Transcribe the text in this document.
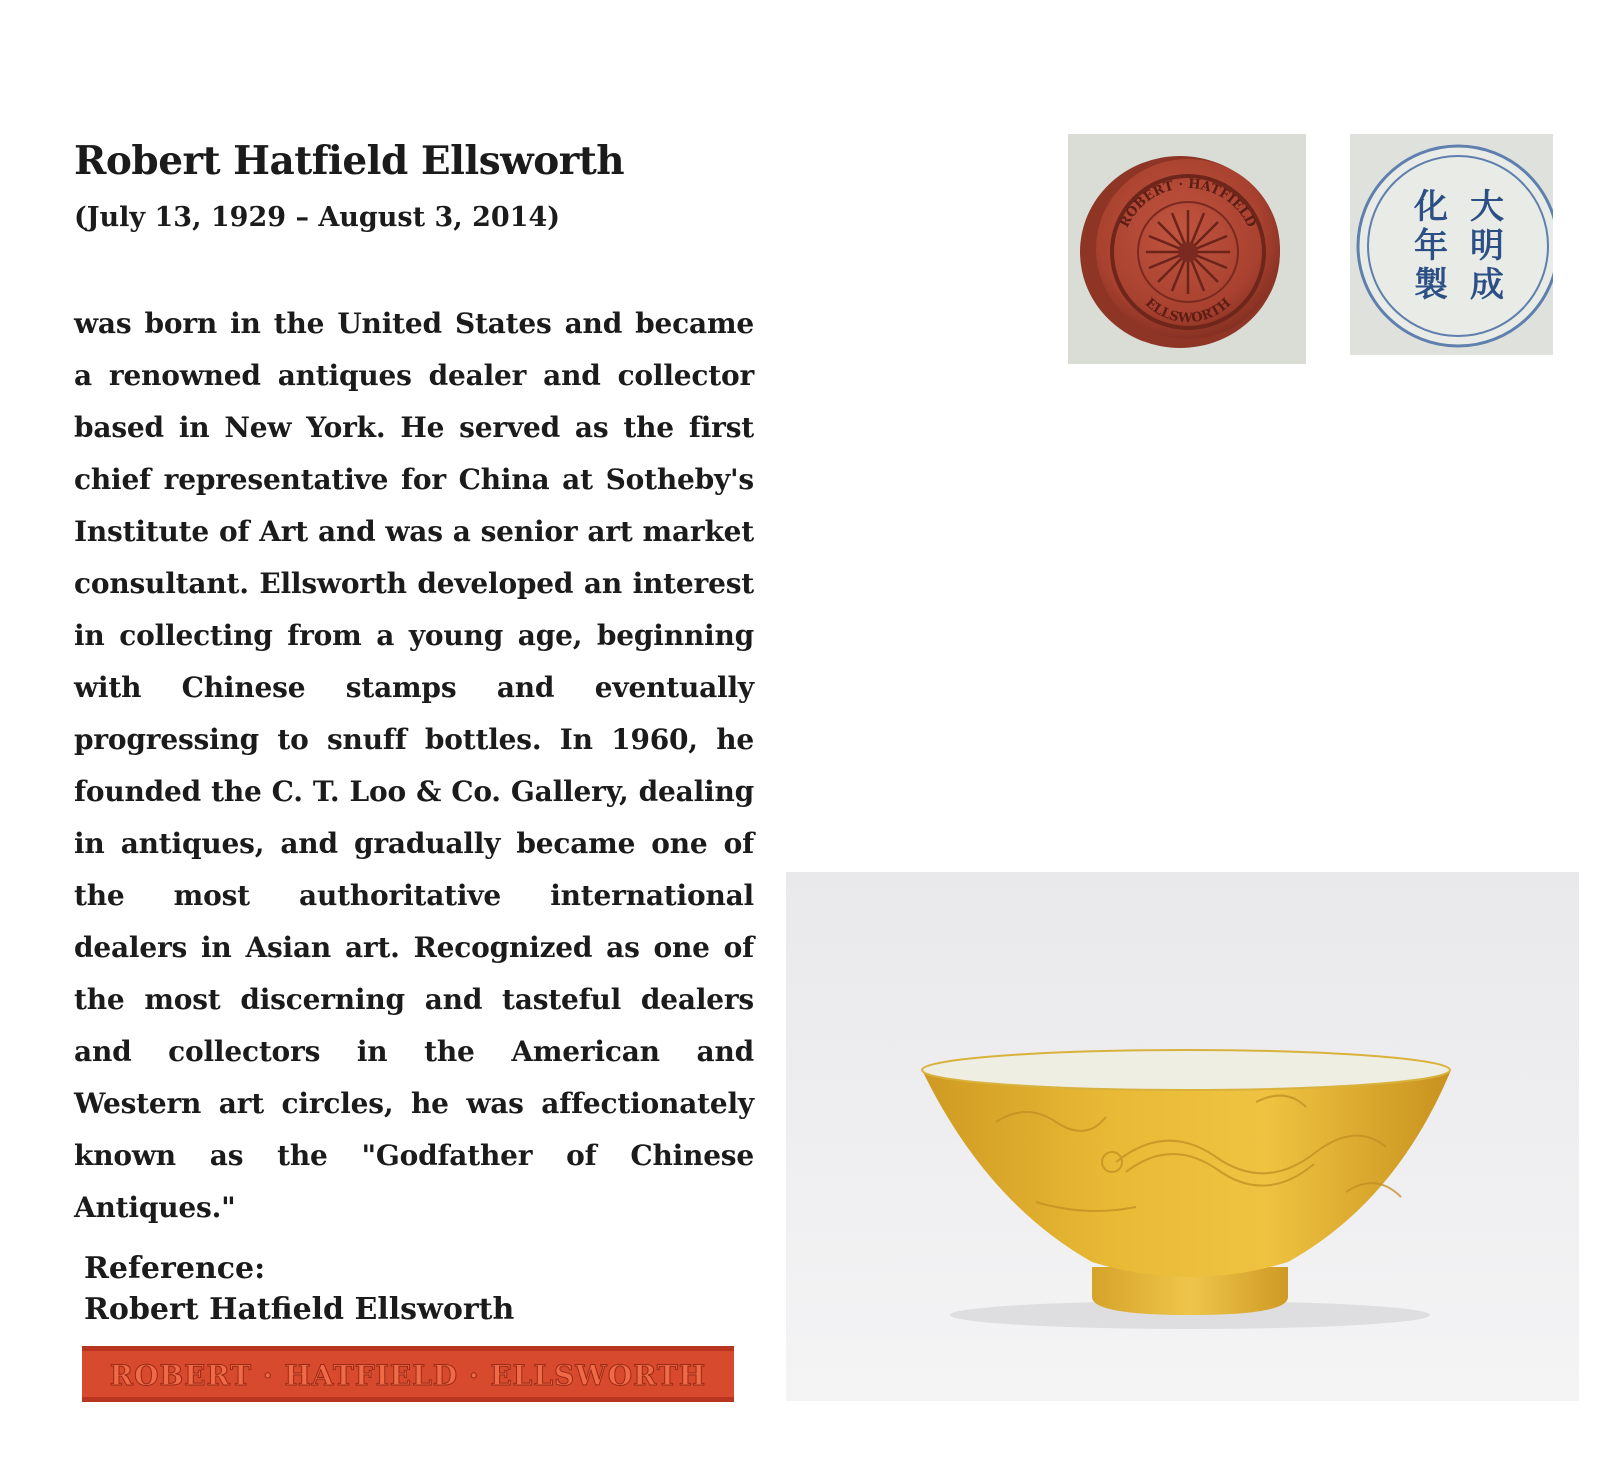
Robert Hatfield Ellsworth

(July 13, 1929 – August 3, 2014)

was born in the United States and became a renowned antiques dealer and collector based in New York. He served as the first chief representative for China at Sotheby's Institute of Art and was a senior art market consultant. Ellsworth developed an interest in collecting from a young age, beginning with Chinese stamps and eventually progressing to snuff bottles. In 1960, he founded the C. T. Loo & Co. Gallery, dealing in antiques, and gradually became one of the most authoritative international dealers in Asian art. Recognized as one of the most discerning and tasteful dealers and collectors in the American and Western art circles, he was affectionately known as the "Godfather of Chinese Antiques."

Reference:
Robert Hatfield Ellsworth
ROBERT · HATFIELD
ELLSWORTH
大
明
成
化
年
製
ROBERT · HATFIELD · ELLSWORTH
